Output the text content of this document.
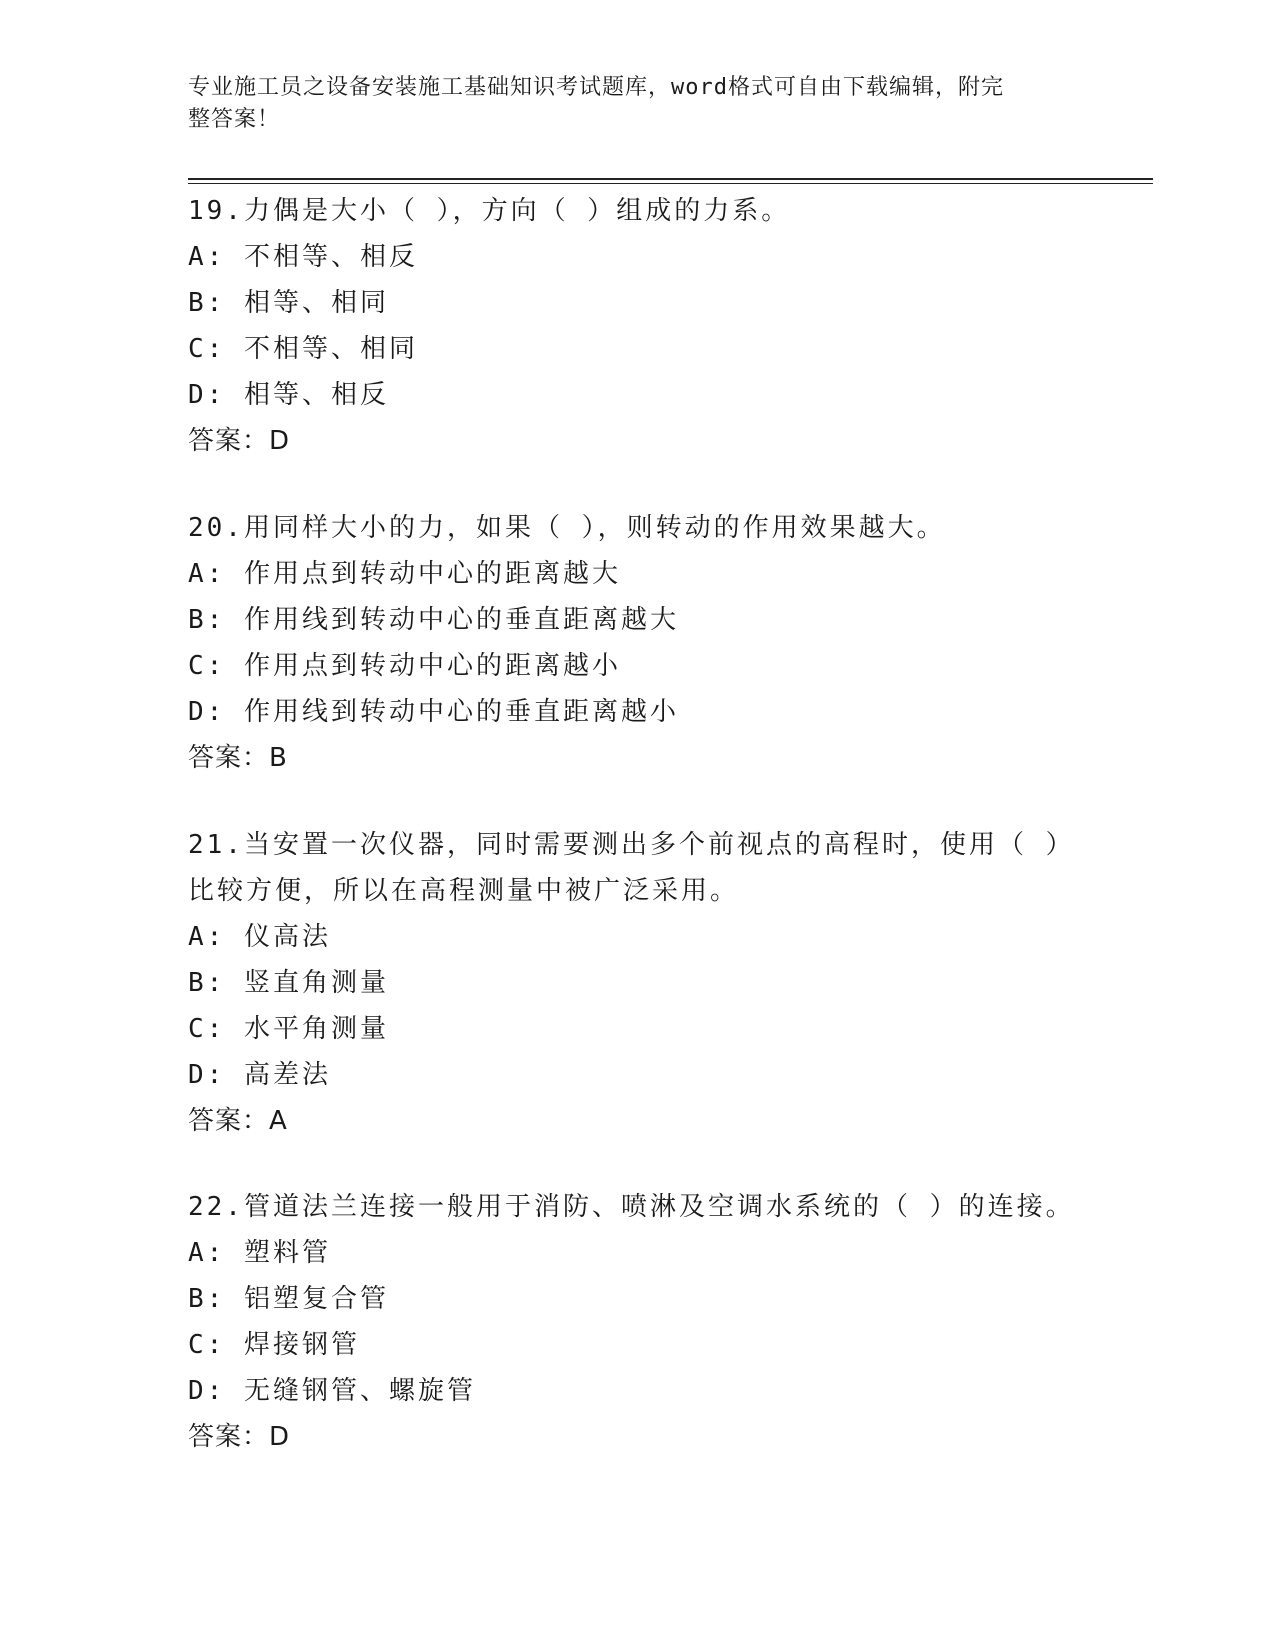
专业施工员之设备安装施工基础知识考试题库，word格式可自由下载编辑，附完
整答案！
19.力偶是大小（ ），方向（ ）组成的力系。
A: 不相等、相反
B: 相等、相同
C: 不相等、相同
D: 相等、相反
答案：D
20.用同样大小的力，如果（ ），则转动的作用效果越大。
A: 作用点到转动中心的距离越大
B: 作用线到转动中心的垂直距离越大
C: 作用点到转动中心的距离越小
D: 作用线到转动中心的垂直距离越小
答案：B
21.当安置一次仪器，同时需要测出多个前视点的高程时，使用（ ）
比较方便，所以在高程测量中被广泛采用。
A: 仪高法
B: 竖直角测量
C: 水平角测量
D: 高差法
答案：A
22.管道法兰连接一般用于消防、喷淋及空调水系统的（ ）的连接。
A: 塑料管
B: 铝塑复合管
C: 焊接钢管
D: 无缝钢管、螺旋管
答案：D
